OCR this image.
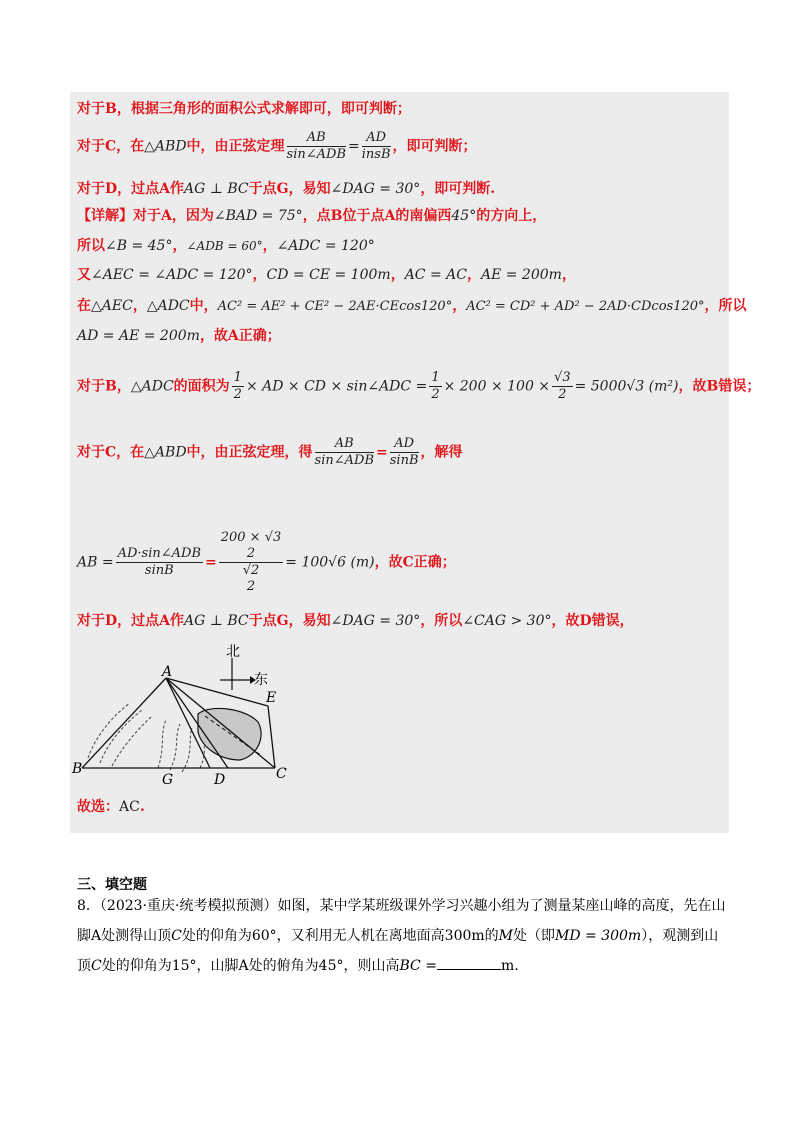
对于B，根据三角形的面积公式求解即可，即可判断；
对于C，在△ABD中，由正弦定理 $\frac{AB}{\text{sin∠ADB}} = \frac{AD}{\text{insB}}$ ，即可判断；
对于D，过点A作AG ⊥ BC于点G，易知∠DAG = 30°，即可判断.
【详解】对于A，因为∠BAD = 75°，点B位于点A的南偏西45°的方向上，
所以∠B = 45°，∠ADB = 60°，∠ADC = 120°
又∠AEC = ∠ADC = 120°，CD = CE = 100m，AC = AC，AE = 200m，
在△AEC，△ADC中，AC² = AE² + CE² − 2AE·CEcos120°，AC² = CD² + AD² − 2AD·CDcos120°，所以
AD = AE = 200m，故A正确；
对于B，△ADC的面积为 $\frac{1}{2}$ × AD × CD × sin∠ADC = $\frac{1}{2} \times 200 \times 100 \times \frac{√3}{2} = 5000√3$ (m²)，故B错误；
对于C，在△ABD中，由正弦定理，得 $\frac{AB}{\text{sin∠ADB}} = \frac{AD}{\sin B}$ ，解得
AB = $\frac{\text{AD·sin∠ADB}}{\sin B}$ =
200 × √3
2
√2
2
= 100√6 (m)，故C正确；
对于D，过点A作AG ⊥ BC于点G，易知∠DAG = 30°，所以∠CAG > 30°，故D错误，
北
东
A
B
G	D	C
E
故选：AC.
三、填空题
8．（2023·重庆·统考模拟预测）如图，某中学某班级课外学习兴趣小组为了测量某座山峰的高度，先在山
脚A处测得山顶C处的仰角为60°，又利用无人机在离地面高300m的M处（即MD = 300m），观测到山
顶C处的仰角为15°，山脚A处的俯角为45°，则山高BC =	m.
